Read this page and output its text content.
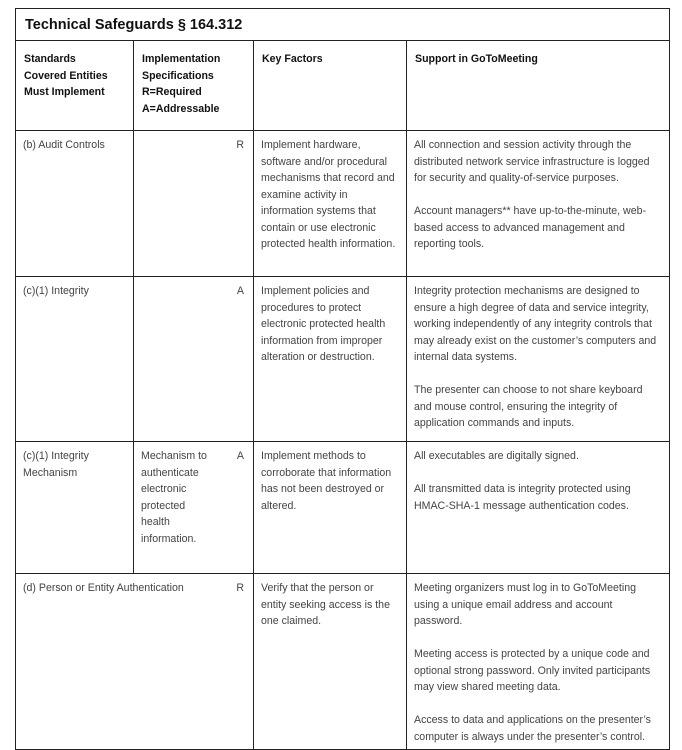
Technical Safeguards § 164.312				
Standards Covered Entities Must Implement	Implementation Specifications R=Required A=Addressable		Key Factors	Support in GoToMeeting
(b) Audit Controls		R	Implement hardware, software and/or procedural mechanisms that record and examine activity in information systems that contain or use electronic protected health information.	All connection and session activity through the distributed network service infrastructure is logged for security and quality-of-service purposes.

Account managers** have up-to-the-minute, web-based access to advanced management and reporting tools.

(c)(1) Integrity		A	Implement policies and procedures to protect electronic protected health information from improper alteration or destruction.	Integrity protection mechanisms are designed to ensure a high degree of data and service integrity, working independently of any integrity controls that may already exist on the customer’s computers and internal data systems.

The presenter can choose to not share keyboard and mouse control, ensuring the integrity of application commands and inputs.

(c)(1) Integrity Mechanism	Mechanism to authenticate electronic protected health information.	A	Implement methods to corroborate that information has not been destroyed or altered.	All executables are digitally signed.

All transmitted data is integrity protected using HMAC-SHA-1 message authentication codes.

(d) Person or Entity Authentication		R	Verify that the person or entity seeking access is the one claimed.	Meeting organizers must log in to GoToMeeting using a unique email address and account password.

Meeting access is protected by a unique code and optional strong password. Only invited participants may view shared meeting data.

Access to data and applications on the presenter’s computer is always under the presenter’s control.
